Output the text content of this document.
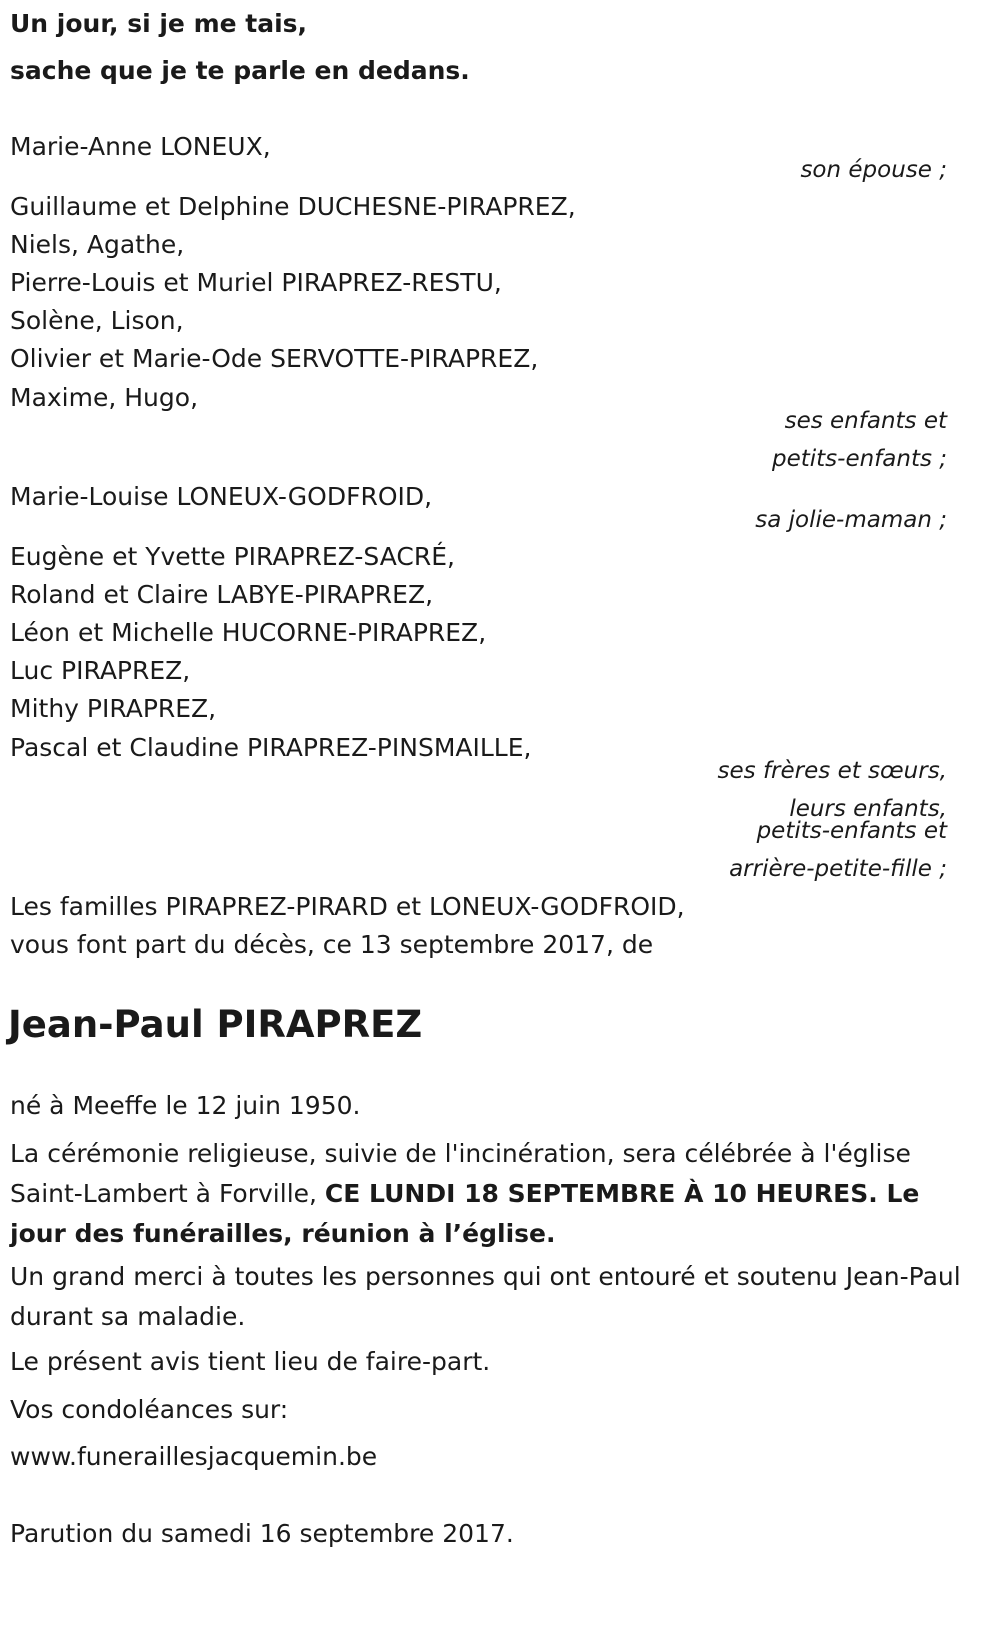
Un jour, si je me tais,

sache que je te parle en dedans.

Marie-Anne LONEUX,

son épouse ;

Guillaume et Delphine DUCHESNE-PIRAPREZ,

Niels, Agathe,

Pierre-Louis et Muriel PIRAPREZ-RESTU,

Solène, Lison,

Olivier et Marie-Ode SERVOTTE-PIRAPREZ,

Maxime, Hugo,

ses enfants et

petits-enfants ;

Marie-Louise LONEUX-GODFROID,

sa jolie-maman ;

Eugène et Yvette PIRAPREZ-SACRÉ,

Roland et Claire LABYE-PIRAPREZ,

Léon et Michelle HUCORNE-PIRAPREZ,

Luc PIRAPREZ,

Mithy PIRAPREZ,

Pascal et Claudine PIRAPREZ-PINSMAILLE,

ses frères et sœurs,

leurs enfants,

petits-enfants et

arrière-petite-fille ;

Les familles PIRAPREZ-PIRARD et LONEUX-GODFROID,

vous font part du décès, ce 13 septembre 2017, de

Jean-Paul PIRAPREZ

né à Meeffe le 12 juin 1950.

La cérémonie religieuse, suivie de l'incinération, sera célébrée à l'église Saint-Lambert à Forville, CE LUNDI 18 SEPTEMBRE À 10 HEURES. Le jour des funérailles, réunion à l’église.

Un grand merci à toutes les personnes qui ont entouré et soutenu Jean-Paul durant sa maladie.

Le présent avis tient lieu de faire-part.

Vos condoléances sur:

www.funeraillesjacquemin.be

Parution du samedi 16 septembre 2017.
